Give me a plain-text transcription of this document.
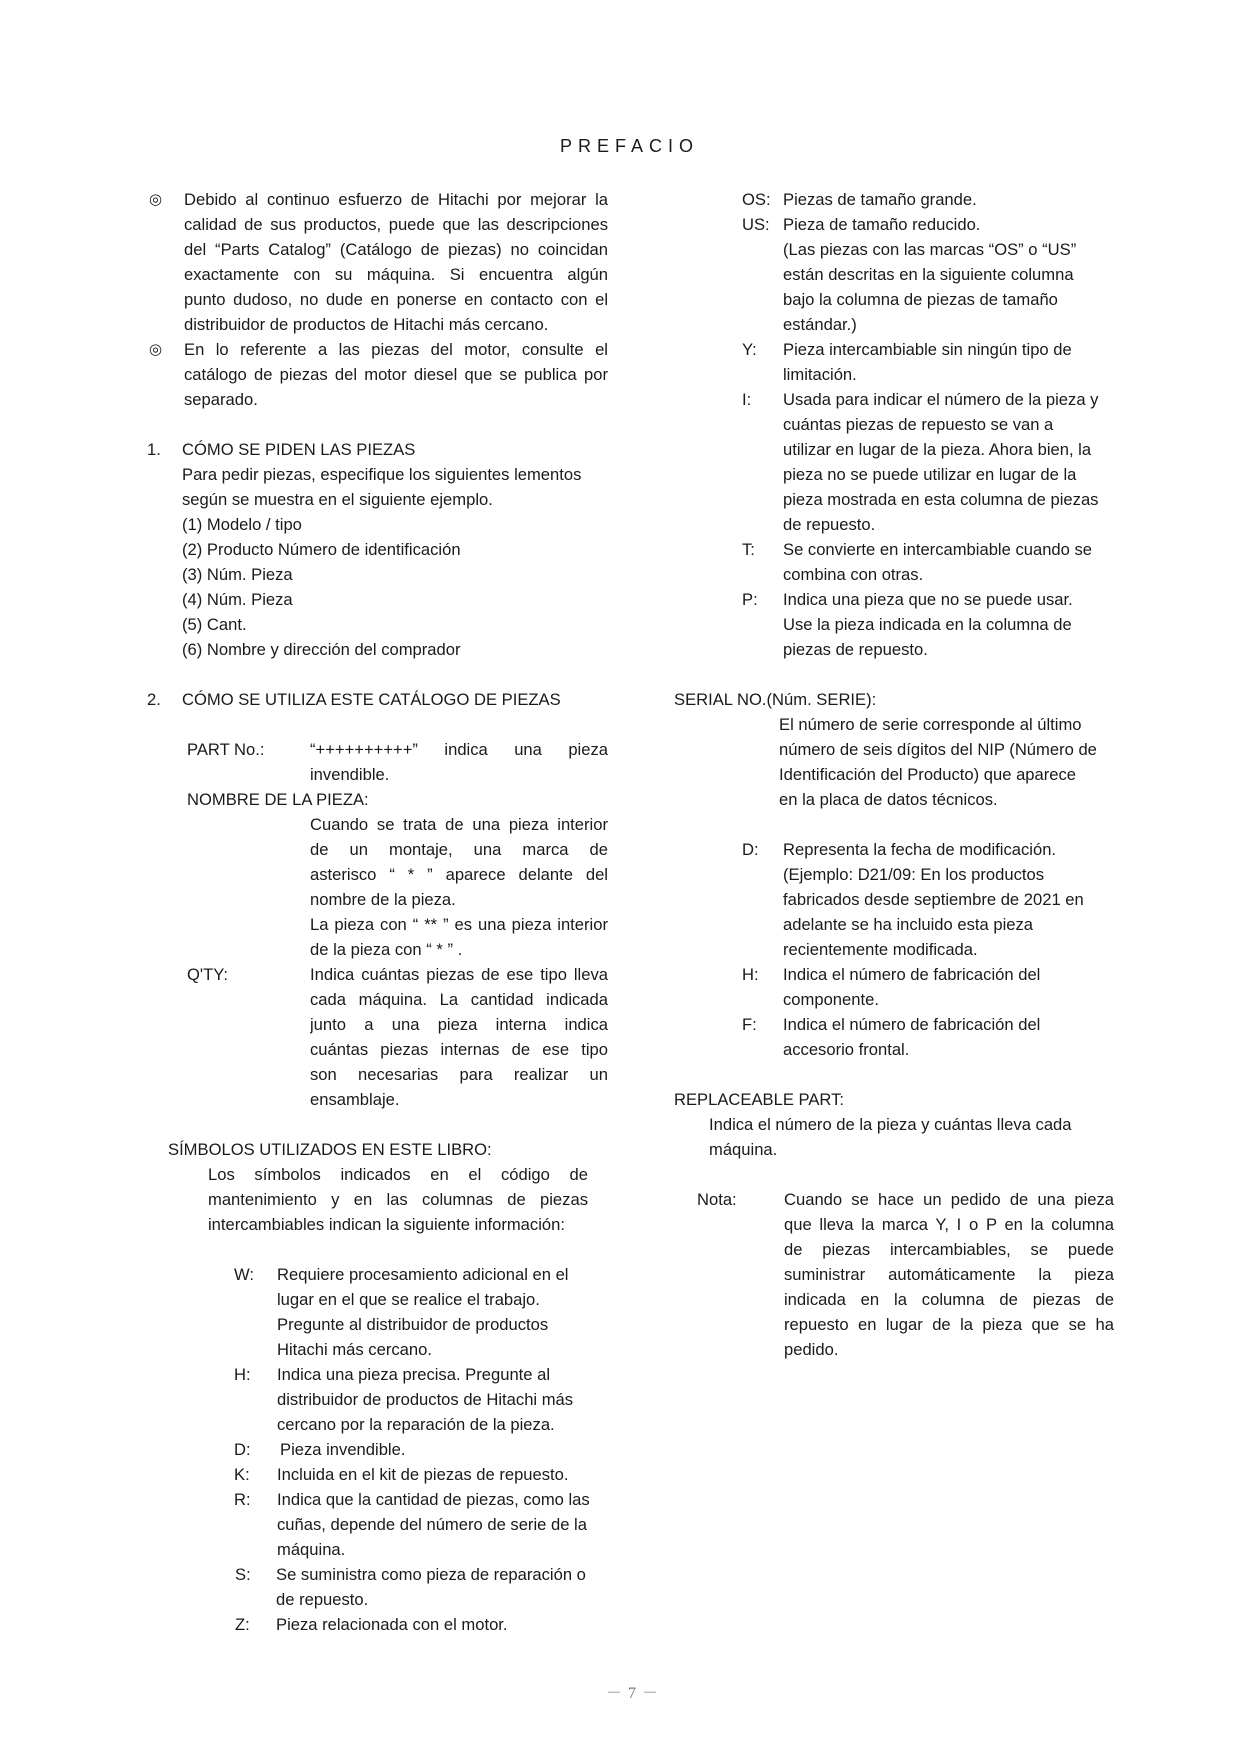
PREFACIO
◎ Debido al continuo esfuerzo de Hitachi por mejorar la
calidad de sus productos, puede que las descripciones
del “Parts Catalog” (Catálogo de piezas) no coincidan
exactamente con su máquina. Si encuentra algún
punto dudoso, no dude en ponerse en contacto con el
distribuidor de productos de Hitachi más cercano.
◎ En lo referente a las piezas del motor, consulte el
catálogo de piezas del motor diesel que se publica por
separado.
1. CÓMO SE PIDEN LAS PIEZAS
Para pedir piezas, especifique los siguientes lementos
según se muestra en el siguiente ejemplo.
(1) Modelo / tipo
(2) Producto Número de identificación
(3) Núm. Pieza
(4) Núm. Pieza
(5) Cant.
(6) Nombre y dirección del comprador
2. CÓMO SE UTILIZA ESTE CATÁLOGO DE PIEZAS
PART No.:	“++++++++++” indica una pieza
invendible.
NOMBRE DE LA PIEZA:
Cuando se trata de una pieza interior
de un montaje, una marca de
asterisco “ * ” aparece delante del
nombre de la pieza.
La pieza con “ ** ” es una pieza interior
de la pieza con “ * ” .
Q'TY:	Indica cuántas piezas de ese tipo lleva
cada máquina. La cantidad indicada
junto a una pieza interna indica
cuántas piezas internas de ese tipo
son necesarias para realizar un
ensamblaje.
SÍMBOLOS UTILIZADOS EN ESTE LIBRO:
Los símbolos indicados en el código de
mantenimiento y en las columnas de piezas
intercambiables indican la siguiente información:
W: Requiere procesamiento adicional en el
lugar en el que se realice el trabajo.
Pregunte al distribuidor de productos
Hitachi más cercano.
H: Indica una pieza precisa. Pregunte al
distribuidor de productos de Hitachi más
cercano por la reparación de la pieza.
D: Pieza invendible.
K: Incluida en el kit de piezas de repuesto.
R: Indica que la cantidad de piezas, como las
cuñas, depende del número de serie de la
máquina.
S: Se suministra como pieza de reparación o
de repuesto.
Z: Pieza relacionada con el motor.
OS: Piezas de tamaño grande.
US: Pieza de tamaño reducido.
(Las piezas con las marcas “OS” o “US”
están descritas en la siguiente columna
bajo la columna de piezas de tamaño
estándar.)
Y: Pieza intercambiable sin ningún tipo de
limitación.
I: Usada para indicar el número de la pieza y
cuántas piezas de repuesto se van a
utilizar en lugar de la pieza. Ahora bien, la
pieza no se puede utilizar en lugar de la
pieza mostrada en esta columna de piezas
de repuesto.
T: Se convierte en intercambiable cuando se
combina con otras.
P: Indica una pieza que no se puede usar.
Use la pieza indicada en la columna de
piezas de repuesto.
SERIAL NO.(Núm. SERIE):
El número de serie corresponde al último
número de seis dígitos del NIP (Número de
Identificación del Producto) que aparece
en la placa de datos técnicos.
D: Representa la fecha de modificación.
(Ejemplo: D21/09: En los productos
fabricados desde septiembre de 2021 en
adelante se ha incluido esta pieza
recientemente modificada.
H: Indica el número de fabricación del
componente.
F: Indica el número de fabricación del
accesorio frontal.
REPLACEABLE PART:
Indica el número de la pieza y cuántas lleva cada
máquina.
Nota:	Cuando se hace un pedido de una pieza
que lleva la marca Y, I o P en la columna
de piezas intercambiables, se puede
suministrar automáticamente la pieza
indicada en la columna de piezas de
repuesto en lugar de la pieza que se ha
pedido.
－ 7 －
